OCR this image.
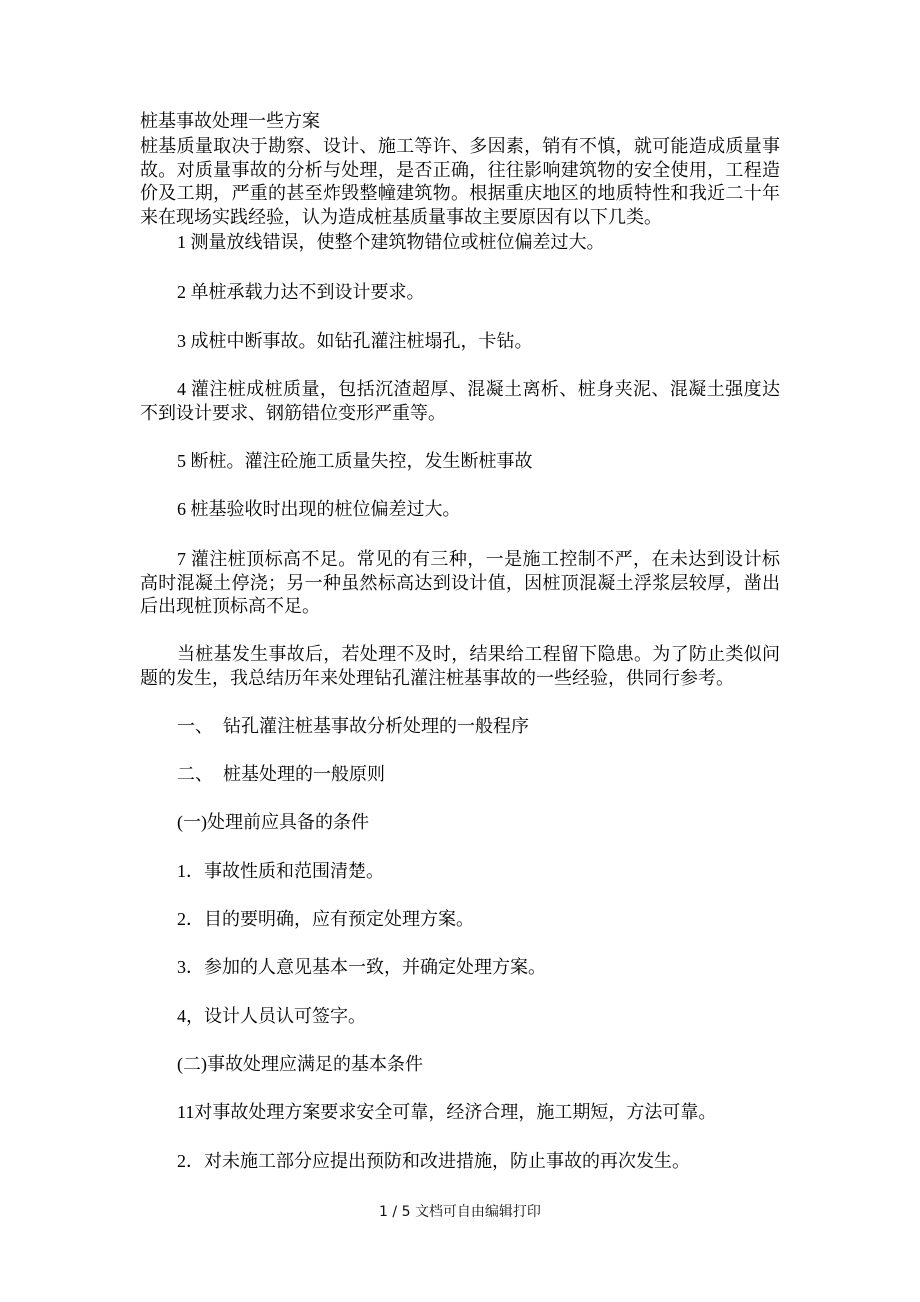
桩基事故处理一些方案
桩基质量取决于勘察、设计、施工等许、多因素，销有不慎，就可能造成质量事
故。对质量事故的分析与处理，是否正确，往往影响建筑物的安全使用，工程造
价及工期，严重的甚至炸毁整幢建筑物。根据重庆地区的地质特性和我近二十年
来在现场实践经验，认为造成桩基质量事故主要原因有以下几类。
1 测量放线错误，使整个建筑物错位或桩位偏差过大。
2 单桩承载力达不到设计要求。
3 成桩中断事故。如钻孔灌注桩塌孔，卡钻。
4 灌注桩成桩质量，包括沉渣超厚、混凝土离析、桩身夹泥、混凝土强度达
不到设计要求、钢筋错位变形严重等。
5 断桩。灌注砼施工质量失控，发生断桩事故
6 桩基验收时出现的桩位偏差过大。
7 灌注桩顶标高不足。常见的有三种，一是施工控制不严，在未达到设计标
高时混凝土停浇；另一种虽然标高达到设计值，因桩顶混凝土浮浆层较厚，凿出
后出现桩顶标高不足。
当桩基发生事故后，若处理不及时，结果给工程留下隐患。为了防止类似问
题的发生，我总结历年来处理钻孔灌注桩基事故的一些经验，供同行参考。
一、 钻孔灌注桩基事故分析处理的一般程序
二、 桩基处理的一般原则
(一)处理前应具备的条件
1．事故性质和范围清楚。
2．目的要明确，应有预定处理方案。
3．参加的人意见基本一致，并确定处理方案。
4，设计人员认可签字。
(二)事故处理应满足的基本条件
11对事故处理方案要求安全可靠，经济合理，施工期短，方法可靠。
2．对未施工部分应提出预防和改进措施，防止事故的再次发生。
1 / 5 文档可自由编辑打印
